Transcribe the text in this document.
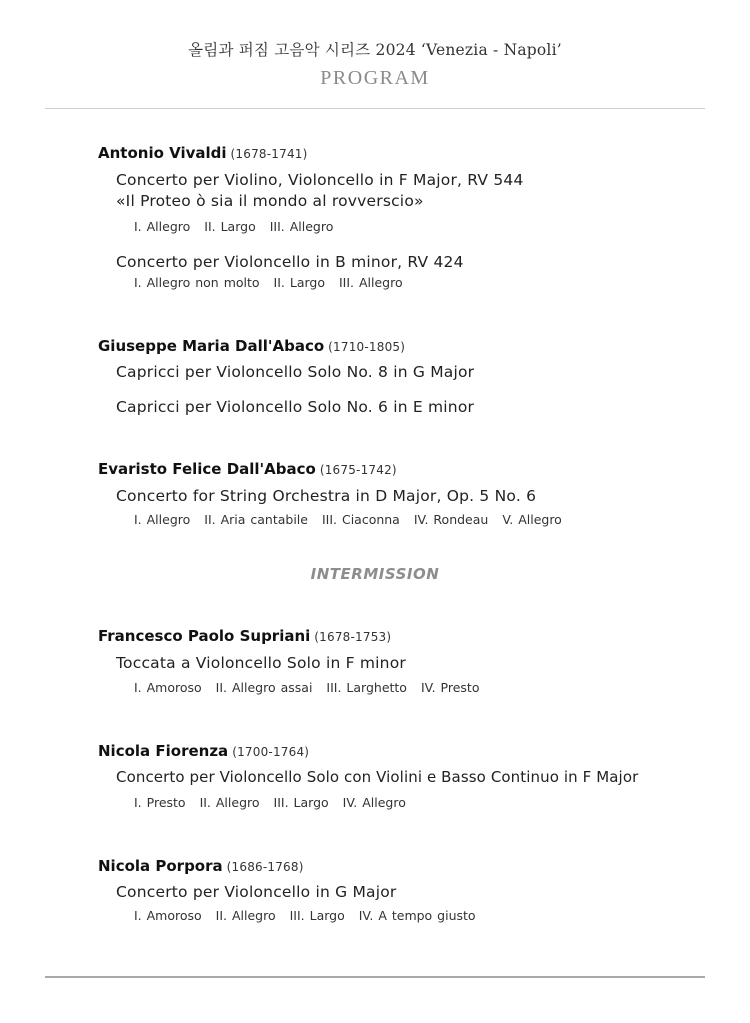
올림과 퍼짐 고음악 시리즈 2024 ‘Venezia - Napoli’
PROGRAM
Antonio Vivaldi (1678-1741)
Concerto per Violino, Violoncello in F Major, RV 544
«Il Proteo ò sia il mondo al rovverscio»
I. Allegro II. Largo III. Allegro
Concerto per Violoncello in B minor, RV 424
I. Allegro non molto II. Largo III. Allegro
Giuseppe Maria Dall'Abaco (1710-1805)
Capricci per Violoncello Solo No. 8 in G Major
Capricci per Violoncello Solo No. 6 in E minor
Evaristo Felice Dall'Abaco (1675-1742)
Concerto for String Orchestra in D Major, Op. 5 No. 6
I. Allegro II. Aria cantabile III. Ciaconna IV. Rondeau V. Allegro
INTERMISSION
Francesco Paolo Supriani (1678-1753)
Toccata a Violoncello Solo in F minor
I. Amoroso II. Allegro assai III. Larghetto IV. Presto
Nicola Fiorenza (1700-1764)
Concerto per Violoncello Solo con Violini e Basso Continuo in F Major
I. Presto II. Allegro III. Largo IV. Allegro
Nicola Porpora (1686-1768)
Concerto per Violoncello in G Major
I. Amoroso II. Allegro III. Largo IV. A tempo giusto
